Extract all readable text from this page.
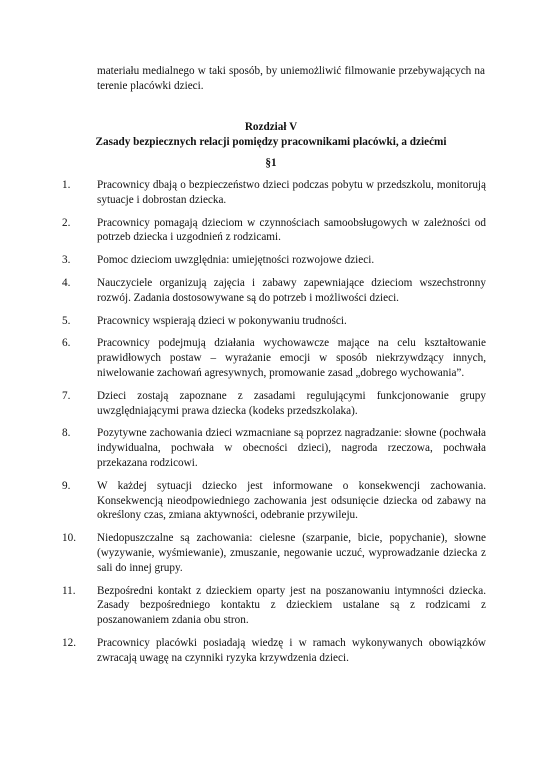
materiału medialnego w taki sposób, by uniemożliwić filmowanie przebywających na terenie placówki dzieci.

Rozdział V

Zasady bezpiecznych relacji pomiędzy pracownikami placówki, a dziećmi

§1

1.	Pracownicy dbają o bezpieczeństwo dzieci podczas pobytu w przedszkolu, monitorują sytuacje i dobrostan dziecka.

2.	Pracownicy pomagają dzieciom w czynnościach samoobsługowych w zależności od potrzeb dziecka i uzgodnień z rodzicami.

3.	Pomoc dzieciom uwzględnia: umiejętności rozwojowe dzieci.

4.	Nauczyciele organizują zajęcia i zabawy zapewniające dzieciom wszechstronny rozwój. Zadania dostosowywane są do potrzeb i możliwości dzieci.

5.	Pracownicy wspierają dzieci w pokonywaniu trudności.

6.	Pracownicy podejmują działania wychowawcze mające na celu kształtowanie prawidłowych postaw – wyrażanie emocji w sposób niekrzywdzący innych, niwelowanie zachowań agresywnych, promowanie zasad „dobrego wychowania”.

7.	Dzieci zostają zapoznane z zasadami regulującymi funkcjonowanie grupy uwzględniającymi prawa dziecka (kodeks przedszkolaka).

8.	Pozytywne zachowania dzieci wzmacniane są poprzez nagradzanie: słowne (pochwała indywidualna, pochwała w obecności dzieci), nagroda rzeczowa, pochwała przekazana rodzicowi.

9.	W każdej sytuacji dziecko jest informowane o konsekwencji zachowania. Konsekwencją nieodpowiedniego zachowania jest odsunięcie dziecka od zabawy na określony czas, zmiana aktywności, odebranie przywileju.

10.	Niedopuszczalne są zachowania: cielesne (szarpanie, bicie, popychanie), słowne (wyzywanie, wyśmiewanie), zmuszanie, negowanie uczuć, wyprowadzanie dziecka z sali do innej grupy.

11.	Bezpośredni kontakt z dzieckiem oparty jest na poszanowaniu intymności dziecka. Zasady bezpośredniego kontaktu z dzieckiem ustalane są z rodzicami z poszanowaniem zdania obu stron.

12.	Pracownicy placówki posiadają wiedzę i w ramach wykonywanych obowiązków zwracają uwagę na czynniki ryzyka krzywdzenia dzieci.
